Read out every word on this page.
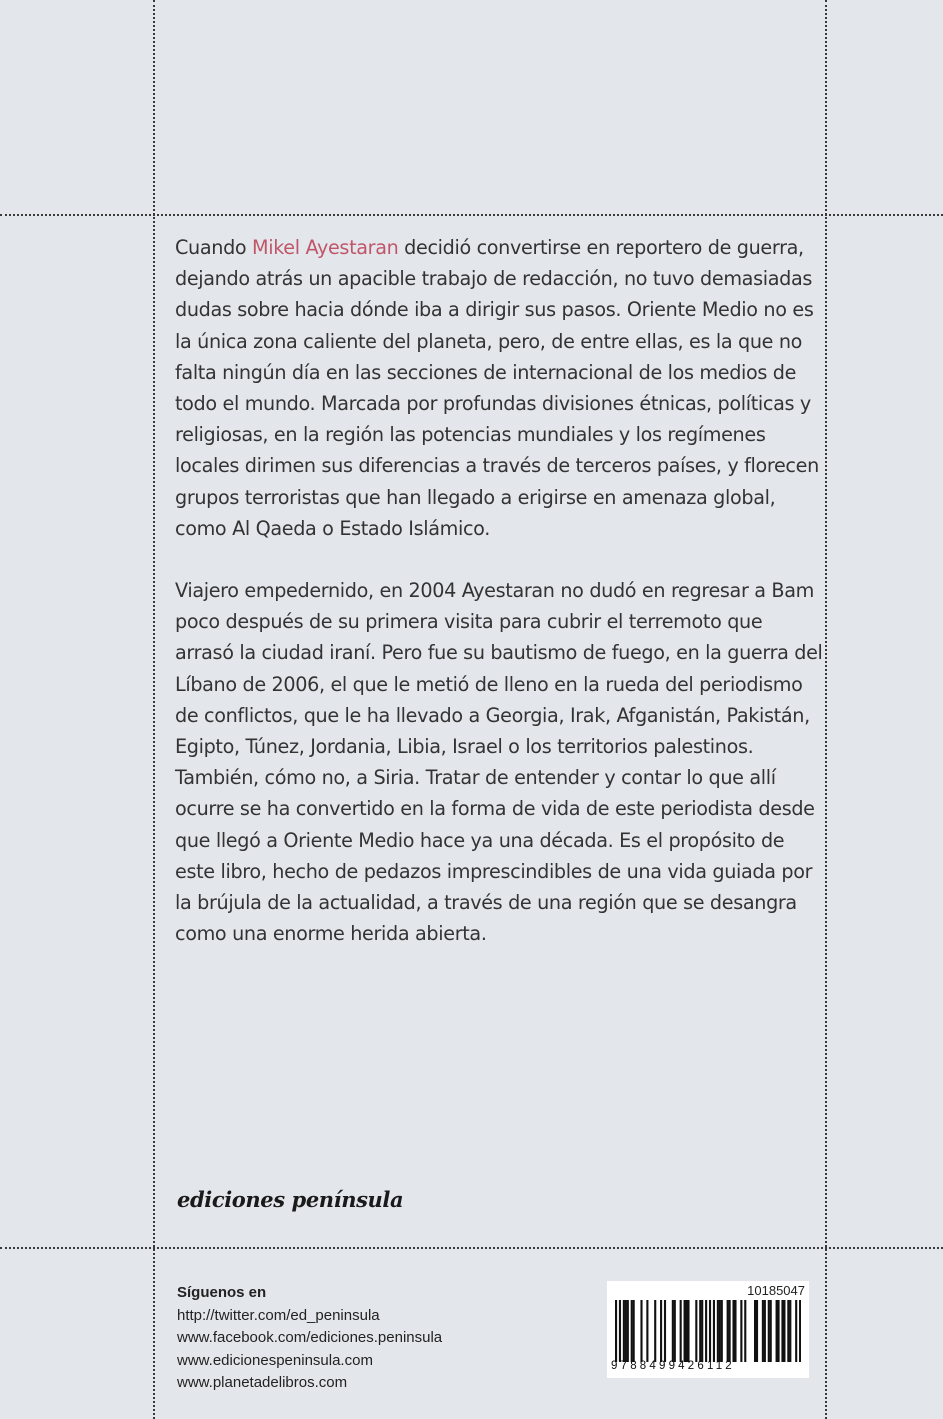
Cuando Mikel Ayestaran decidió convertirse en reportero de guerra, dejando atrás un apacible trabajo de redacción, no tuvo demasiadas dudas sobre hacia dónde iba a dirigir sus pasos. Oriente Medio no es la única zona caliente del planeta, pero, de entre ellas, es la que no falta ningún día en las secciones de internacional de los medios de todo el mundo. Marcada por profundas divisiones étnicas, políticas y religiosas, en la región las potencias mundiales y los regímenes locales dirimen sus diferencias a través de terceros países, y florecen grupos terroristas que han llegado a erigirse en amenaza global, como Al Qaeda o Estado Islámico.

Viajero empedernido, en 2004 Ayestaran no dudó en regresar a Bam poco después de su primera visita para cubrir el terremoto que arrasó la ciudad iraní. Pero fue su bautismo de fuego, en la guerra del Líbano de 2006, el que le metió de lleno en la rueda del periodismo de conflictos, que le ha llevado a Georgia, Irak, Afganistán, Pakistán, Egipto, Túnez, Jordania, Libia, Israel o los territorios palestinos. También, cómo no, a Siria. Tratar de entender y contar lo que allí ocurre se ha convertido en la forma de vida de este periodista desde que llegó a Oriente Medio hace ya una década. Es el propósito de este libro, hecho de pedazos imprescindibles de una vida guiada por la brújula de la actualidad, a través de una región que se desangra como una enorme herida abierta.

ediciones península
Síguenos en
http://twitter.com/ed_peninsula
www.facebook.com/ediciones.peninsula
www.edicionespeninsula.com
www.planetadelibros.com
10185047
9788499426112
